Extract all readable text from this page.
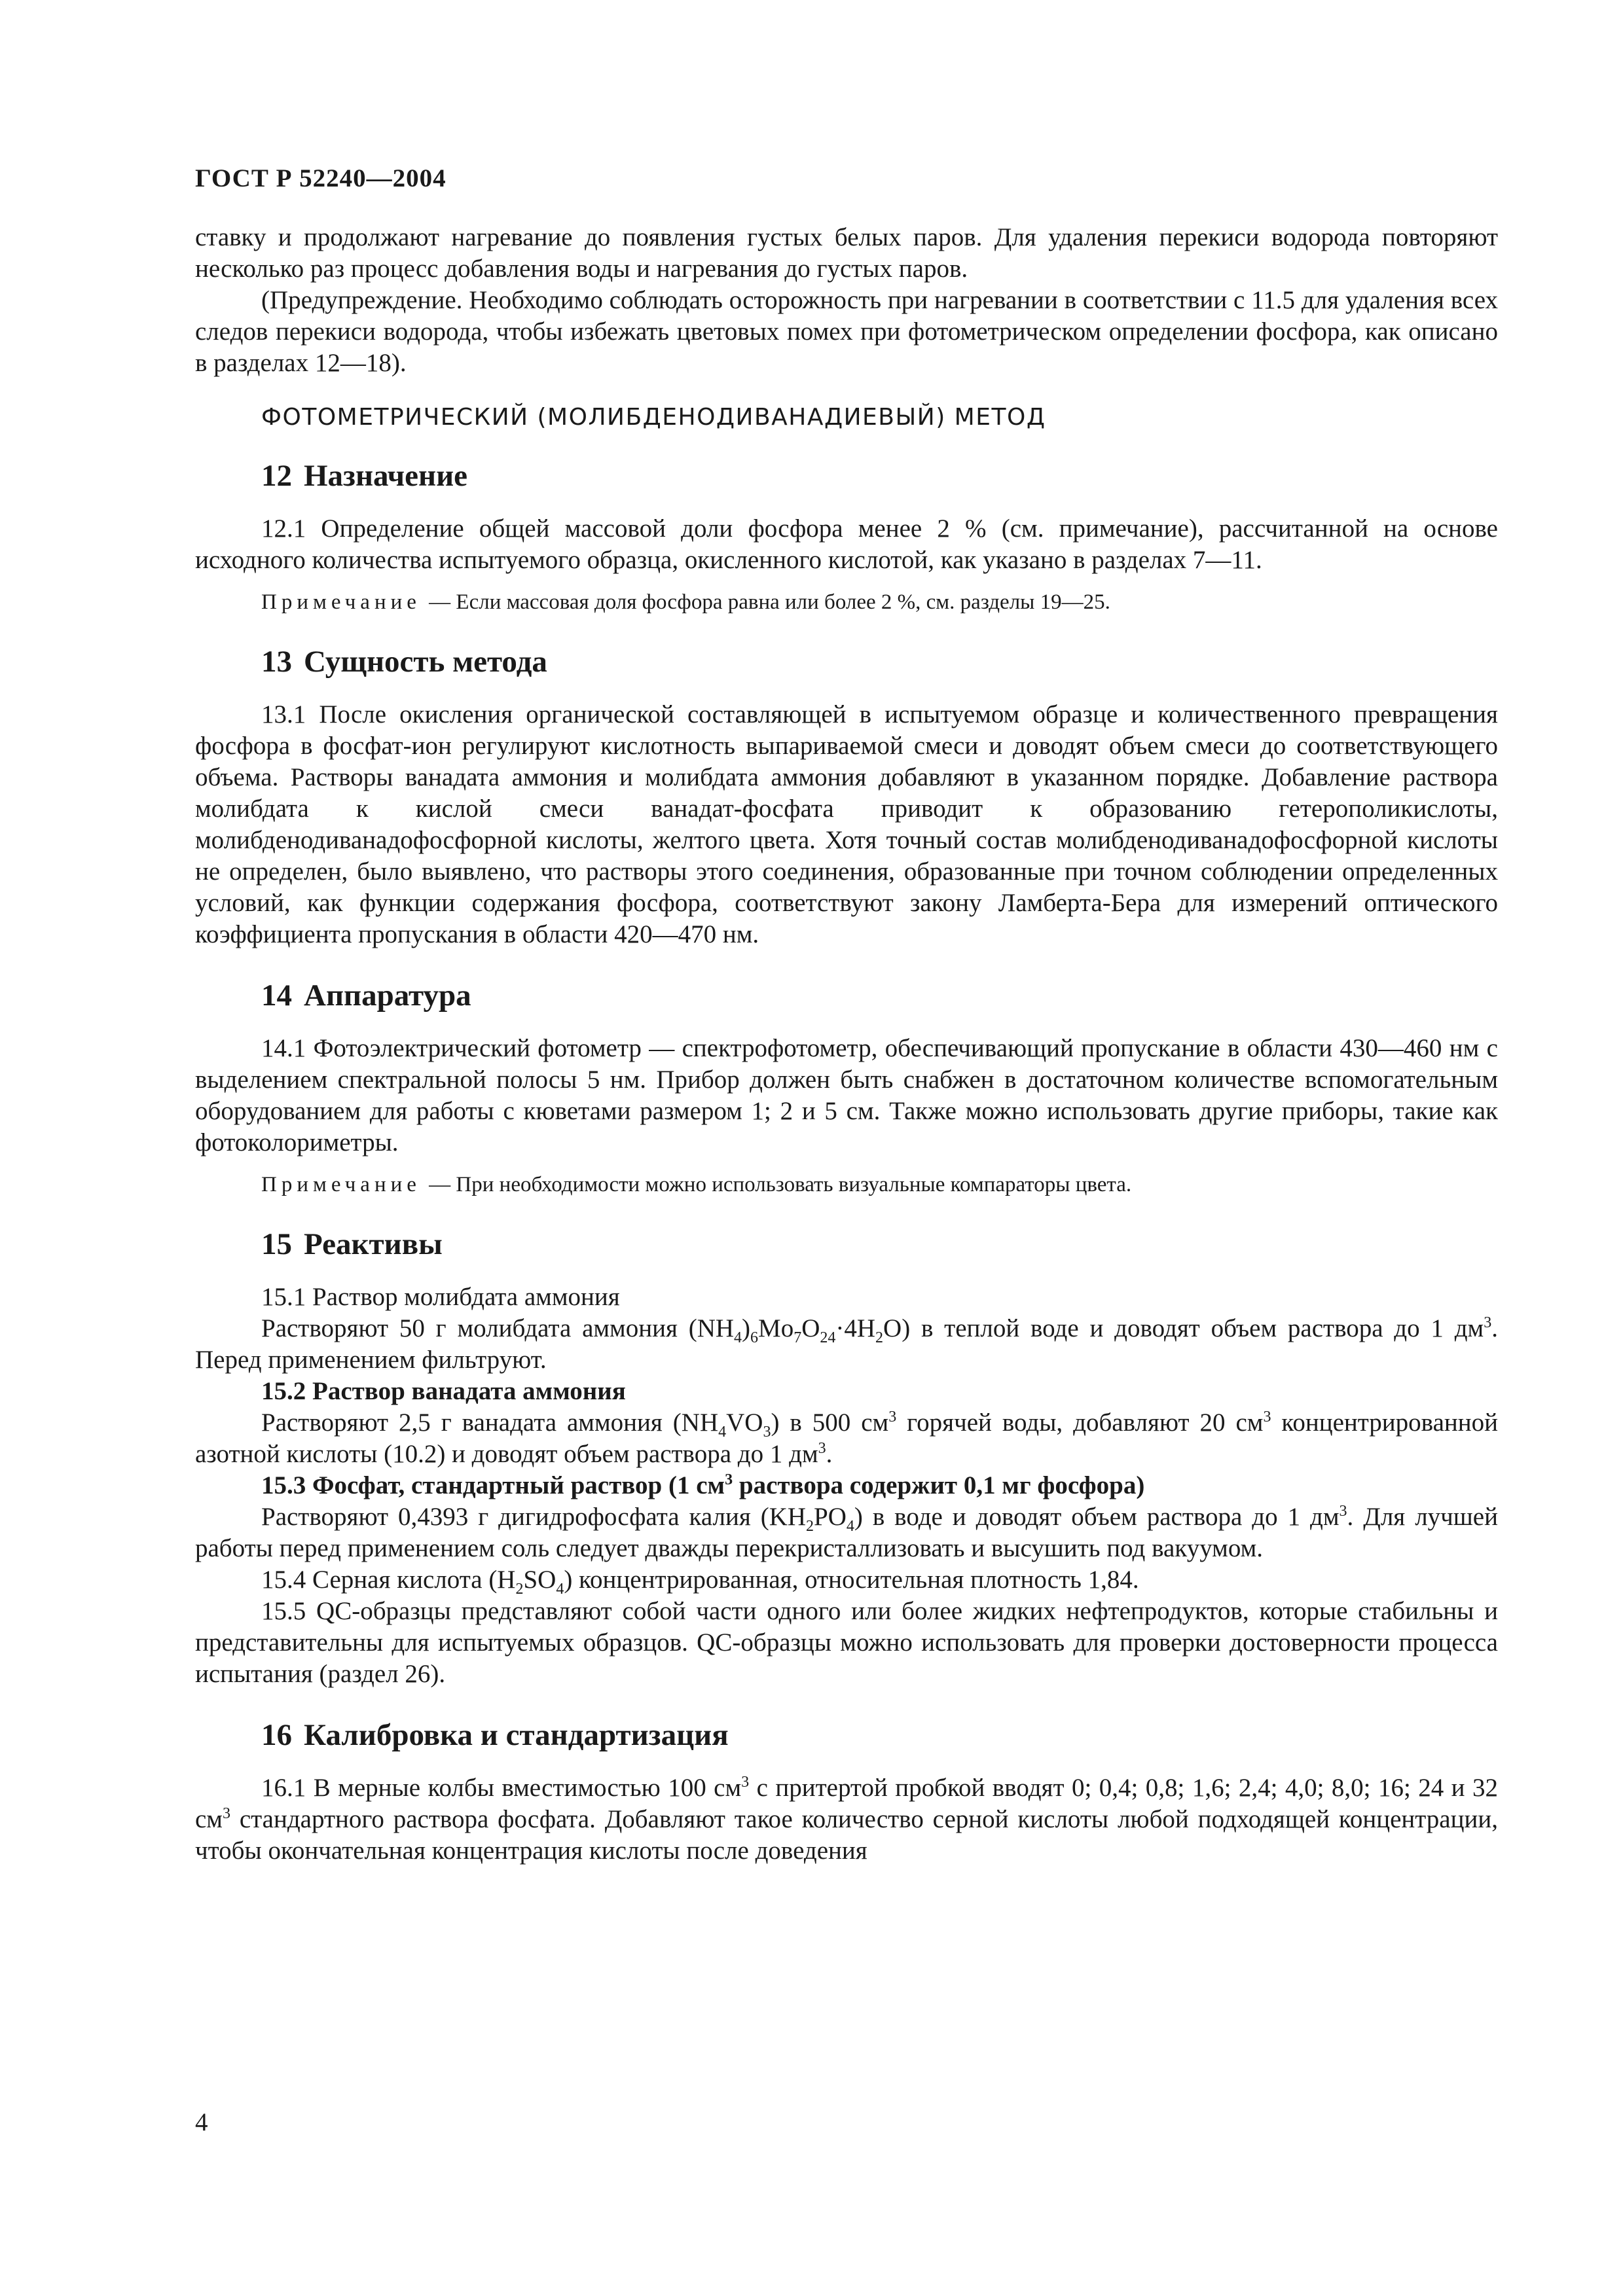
ГОСТ Р 52240—2004

ставку и продолжают нагревание до появления густых белых паров. Для удаления перекиси водорода повторяют несколько раз процесс добавления воды и нагревания до густых паров.

(Предупреждение. Необходимо соблюдать осторожность при нагревании в соответствии с 11.5 для удаления всех следов перекиси водорода, чтобы избежать цветовых помех при фотометрическом определении фосфора, как описано в разделах 12—18).

ФОТОМЕТРИЧЕСКИЙ (МОЛИБДЕНОДИВАНАДИЕВЫЙ) МЕТОД
12 Назначение

12.1 Определение общей массовой доли фосфора менее 2 % (см. примечание), рассчитанной на основе исходного количества испытуемого образца, окисленного кислотой, как указано в разделах 7—11.

Примечание — Если массовая доля фосфора равна или более 2 %, см. разделы 19—25.
13 Сущность метода

13.1 После окисления органической составляющей в испытуемом образце и количественного превращения фосфора в фосфат-ион регулируют кислотность выпариваемой смеси и доводят объем смеси до соответствующего объема. Растворы ванадата аммония и молибдата аммония добавляют в указанном порядке. Добавление раствора молибдата к кислой смеси ванадат-фосфата приводит к образованию гетерополикислоты, молибденодиванадофосфорной кислоты, желтого цвета. Хотя точный состав молибденодиванадофосфорной кислоты не определен, было выявлено, что растворы этого соединения, образованные при точном соблюдении определенных условий, как функции содержания фосфора, соответствуют закону Ламберта-Бера для измерений оптического коэффициента пропускания в области 420—470 нм.

14 Аппаратура

14.1 Фотоэлектрический фотометр — спектрофотометр, обеспечивающий пропускание в области 430—460 нм с выделением спектральной полосы 5 нм. Прибор должен быть снабжен в достаточном количестве вспомогательным оборудованием для работы с кюветами размером 1; 2 и 5 см. Также можно использовать другие приборы, такие как фотоколориметры.

Примечание — При необходимости можно использовать визуальные компараторы цвета.
15 Реактивы

15.1 Раствор молибдата аммония

Растворяют 50 г молибдата аммония $(NH_4)_6Mo_7O_{24}\cdot 4H_2O$) в теплой воде и доводят объем раствора до 1 $дм^3$. Перед применением фильтруют.

15.2 Раствор ванадата аммония

Растворяют 2,5 г ванадата аммония $(NH_4VO_3)$ в 500 $см^3$ горячей воды, добавляют 20 $см^3$ концентрированной азотной кислоты (10.2) и доводят объем раствора до 1 $дм^3$.

15.3 Фосфат, стандартный раствор (1 $см^3$ раствора содержит 0,1 мг фосфора)

Растворяют 0,4393 г дигидрофосфата калия $(KH_2PO_4)$ в воде и доводят объем раствора до 1 $дм^3$. Для лучшей работы перед применением соль следует дважды перекристаллизовать и высушить под вакуумом.

15.4 Серная кислота $(H_2SO_4)$ концентрированная, относительная плотность 1,84.

15.5 QC-образцы представляют собой части одного или более жидких нефтепродуктов, которые стабильны и представительны для испытуемых образцов. QC-образцы можно использовать для проверки достоверности процесса испытания (раздел 26).

16 Калибровка и стандартизация

16.1 В мерные колбы вместимостью 100 $см^3$ с притертой пробкой вводят 0; 0,4; 0,8; 1,6; 2,4; 4,0; 8,0; 16; 24 и 32 $см^3$ стандартного раствора фосфата. Добавляют такое количество серной кислоты любой подходящей концентрации, чтобы окончательная концентрация кислоты после доведения

4
